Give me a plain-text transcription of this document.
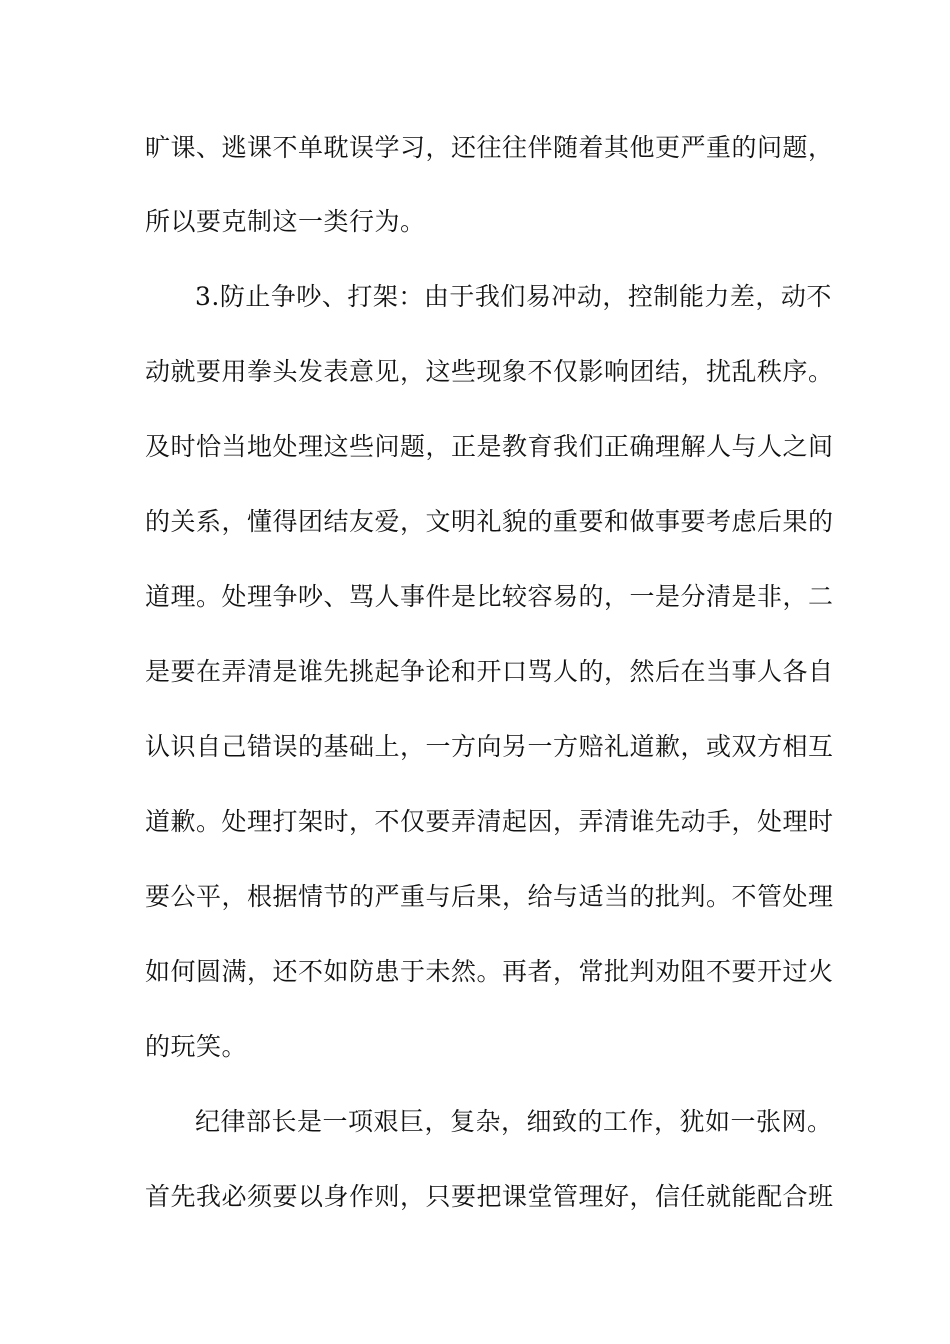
旷课、逃课不单耽误学习，还往往伴随着其他更严重的问题，
所以要克制这一类行为。
3.防止争吵、打架：由于我们易冲动，控制能力差，动不
动就要用拳头发表意见，这些现象不仅影响团结，扰乱秩序。
及时恰当地处理这些问题，正是教育我们正确理解人与人之间
的关系，懂得团结友爱，文明礼貌的重要和做事要考虑后果的
道理。处理争吵、骂人事件是比较容易的，一是分清是非，二
是要在弄清是谁先挑起争论和开口骂人的，然后在当事人各自
认识自己错误的基础上，一方向另一方赔礼道歉，或双方相互
道歉。处理打架时，不仅要弄清起因，弄清谁先动手，处理时
要公平，根据情节的严重与后果，给与适当的批判。不管处理
如何圆满，还不如防患于未然。再者，常批判劝阻不要开过火
的玩笑。
纪律部长是一项艰巨，复杂，细致的工作，犹如一张网。
首先我必须要以身作则，只要把课堂管理好，信任就能配合班
